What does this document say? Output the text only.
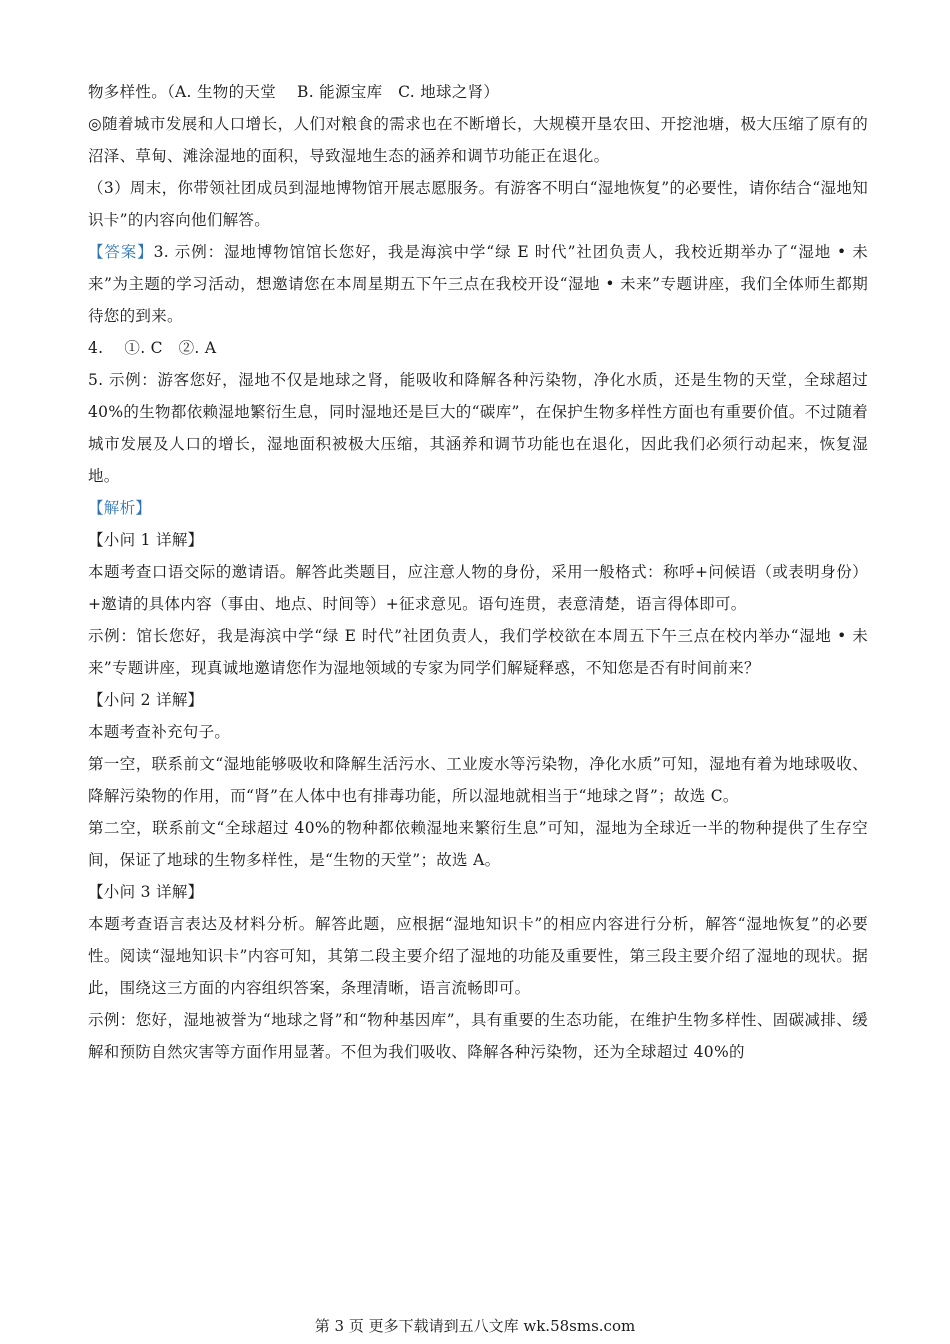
物多样性。（A. 生物的天堂　 B. 能源宝库　C. 地球之肾）

◎随着城市发展和人口增长，人们对粮食的需求也在不断增长，大规模开垦农田、开挖池塘，极大压缩了原有的沼泽、草甸、滩涂湿地的面积，导致湿地生态的涵养和调节功能正在退化。

（3）周末，你带领社团成员到湿地博物馆开展志愿服务。有游客不明白“湿地恢复”的必要性，请你结合“湿地知识卡”的内容向他们解答。

【答案】3. 示例：湿地博物馆馆长您好，我是海滨中学“绿 E 时代”社团负责人，我校近期举办了“湿地 • 未来”为主题的学习活动，想邀请您在本周星期五下午三点在我校开设“湿地 • 未来”专题讲座，我们全体师生都期待您的到来。

4.　 ①. C　②. A

5. 示例：游客您好，湿地不仅是地球之肾，能吸收和降解各种污染物，净化水质，还是生物的天堂，全球超过 40%的生物都依赖湿地繁衍生息，同时湿地还是巨大的“碳库”，在保护生物多样性方面也有重要价值。不过随着城市发展及人口的增长，湿地面积被极大压缩，其涵养和调节功能也在退化，因此我们必须行动起来，恢复湿地。

【解析】

【小问 1 详解】

本题考查口语交际的邀请语。解答此类题目，应注意人物的身份，采用一般格式：称呼+问候语（或表明身份）+邀请的具体内容（事由、地点、时间等）+征求意见。语句连贯，表意清楚，语言得体即可。

示例：馆长您好，我是海滨中学“绿 E 时代”社团负责人，我们学校欲在本周五下午三点在校内举办“湿地 • 未来”专题讲座，现真诚地邀请您作为湿地领域的专家为同学们解疑释惑，不知您是否有时间前来？

【小问 2 详解】

本题考查补充句子。

第一空，联系前文“湿地能够吸收和降解生活污水、工业废水等污染物，净化水质”可知，湿地有着为地球吸收、降解污染物的作用，而“肾”在人体中也有排毒功能，所以湿地就相当于“地球之肾”；故选 C。

第二空，联系前文“全球超过 40%的物种都依赖湿地来繁衍生息”可知，湿地为全球近一半的物种提供了生存空间，保证了地球的生物多样性，是“生物的天堂”；故选 A。

【小问 3 详解】

本题考查语言表达及材料分析。解答此题，应根据“湿地知识卡”的相应内容进行分析，解答“湿地恢复”的必要性。阅读“湿地知识卡”内容可知，其第二段主要介绍了湿地的功能及重要性，第三段主要介绍了湿地的现状。据此，围绕这三方面的内容组织答案，条理清晰，语言流畅即可。

示例：您好，湿地被誉为“地球之肾”和“物种基因库”，具有重要的生态功能，在维护生物多样性、固碳减排、缓解和预防自然灾害等方面作用显著。不但为我们吸收、降解各种污染物，还为全球超过 40%的

第 3 页 更多下载请到五八文库 wk.58sms.com
